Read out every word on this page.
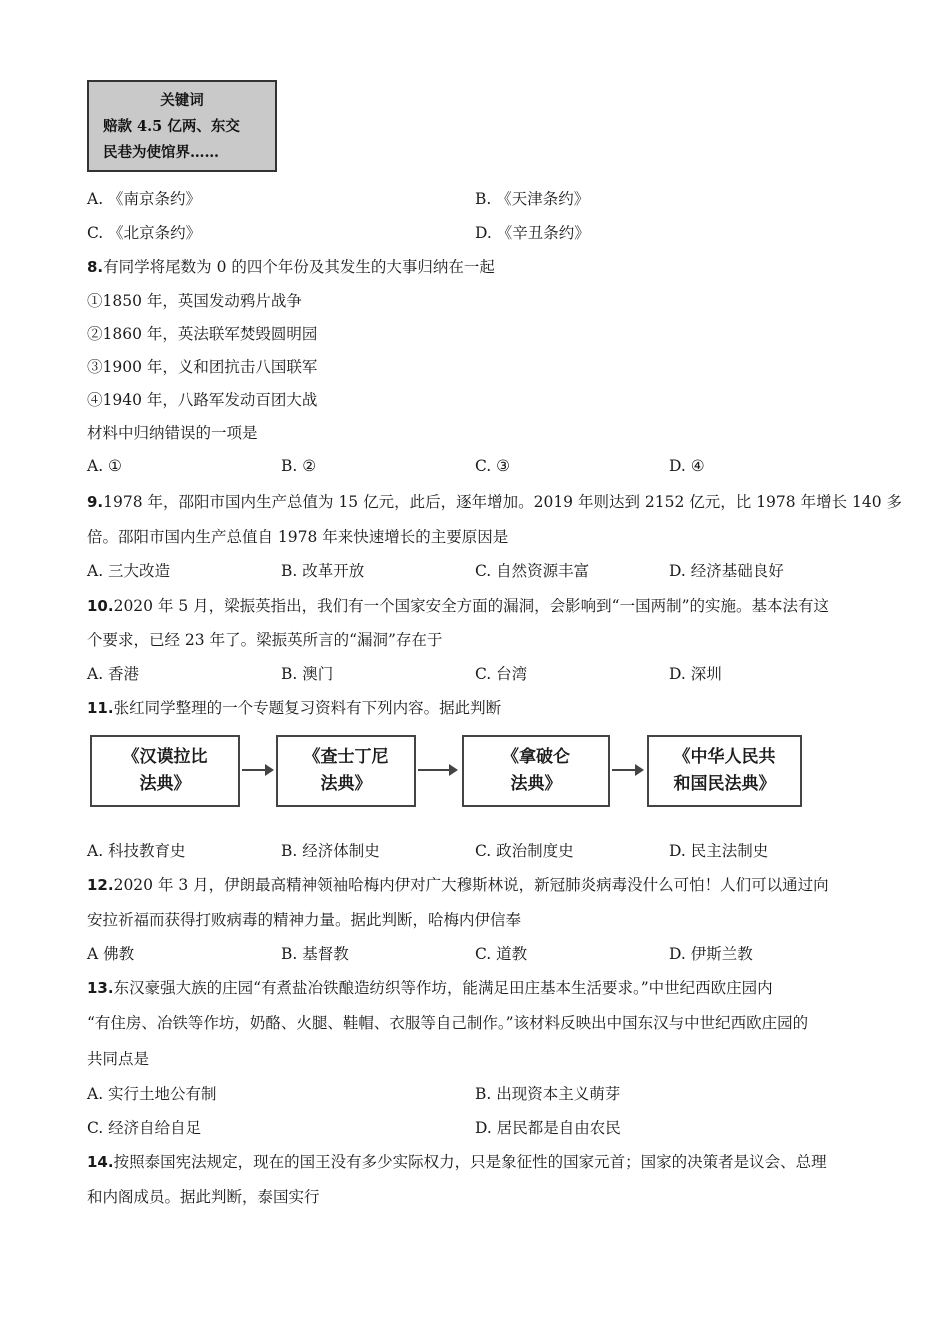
关键词
赔款 4.5 亿两、东交
民巷为使馆界……
A. 《南京条约》	B. 《天津条约》
C. 《北京条约》	D. 《辛丑条约》
8.有同学将尾数为 0 的四个年份及其发生的大事归纳在一起
①1850 年，英国发动鸦片战争
②1860 年，英法联军焚毁圆明园
③1900 年，义和团抗击八国联军
④1940 年，八路军发动百团大战
材料中归纳错误的一项是
A. ①	B. ②	C. ③	D. ④
9.1978 年，邵阳市国内生产总值为 15 亿元，此后，逐年增加。2019 年则达到 2152 亿元，比 1978 年增长 140 多
倍。邵阳市国内生产总值自 1978 年来快速增长的主要原因是
A. 三大改造	B. 改革开放	C. 自然资源丰富	D. 经济基础良好
10.2020 年 5 月，梁振英指出，我们有一个国家安全方面的漏洞，会影响到“一国两制”的实施。基本法有这
个要求，已经 23 年了。梁振英所言的“漏洞”存在于
A. 香港	B. 澳门	C. 台湾	D. 深圳
11.张红同学整理的一个专题复习资料有下列内容。据此判断
《汉谟拉比
法典》
《查士丁尼
法典》
《拿破仑
法典》
《中华人民共
和国民法典》
A. 科技教育史	B. 经济体制史	C. 政治制度史	D. 民主法制史
12.2020 年 3 月，伊朗最高精神领袖哈梅内伊对广大穆斯林说，新冠肺炎病毒没什么可怕！人们可以通过向
安拉祈福而获得打败病毒的精神力量。据此判断，哈梅内伊信奉
A 佛教	B. 基督教	C. 道教	D. 伊斯兰教
13.东汉豪强大族的庄园“有煮盐冶铁酿造纺织等作坊，能满足田庄基本生活要求。”中世纪西欧庄园内
“有住房、冶铁等作坊，奶酪、火腿、鞋帽、衣服等自己制作。”该材料反映出中国东汉与中世纪西欧庄园的
共同点是
A. 实行土地公有制	B. 出现资本主义萌芽
C. 经济自给自足	D. 居民都是自由农民
14.按照泰国宪法规定，现在的国王没有多少实际权力，只是象征性的国家元首；国家的决策者是议会、总理
和内阁成员。据此判断，泰国实行
